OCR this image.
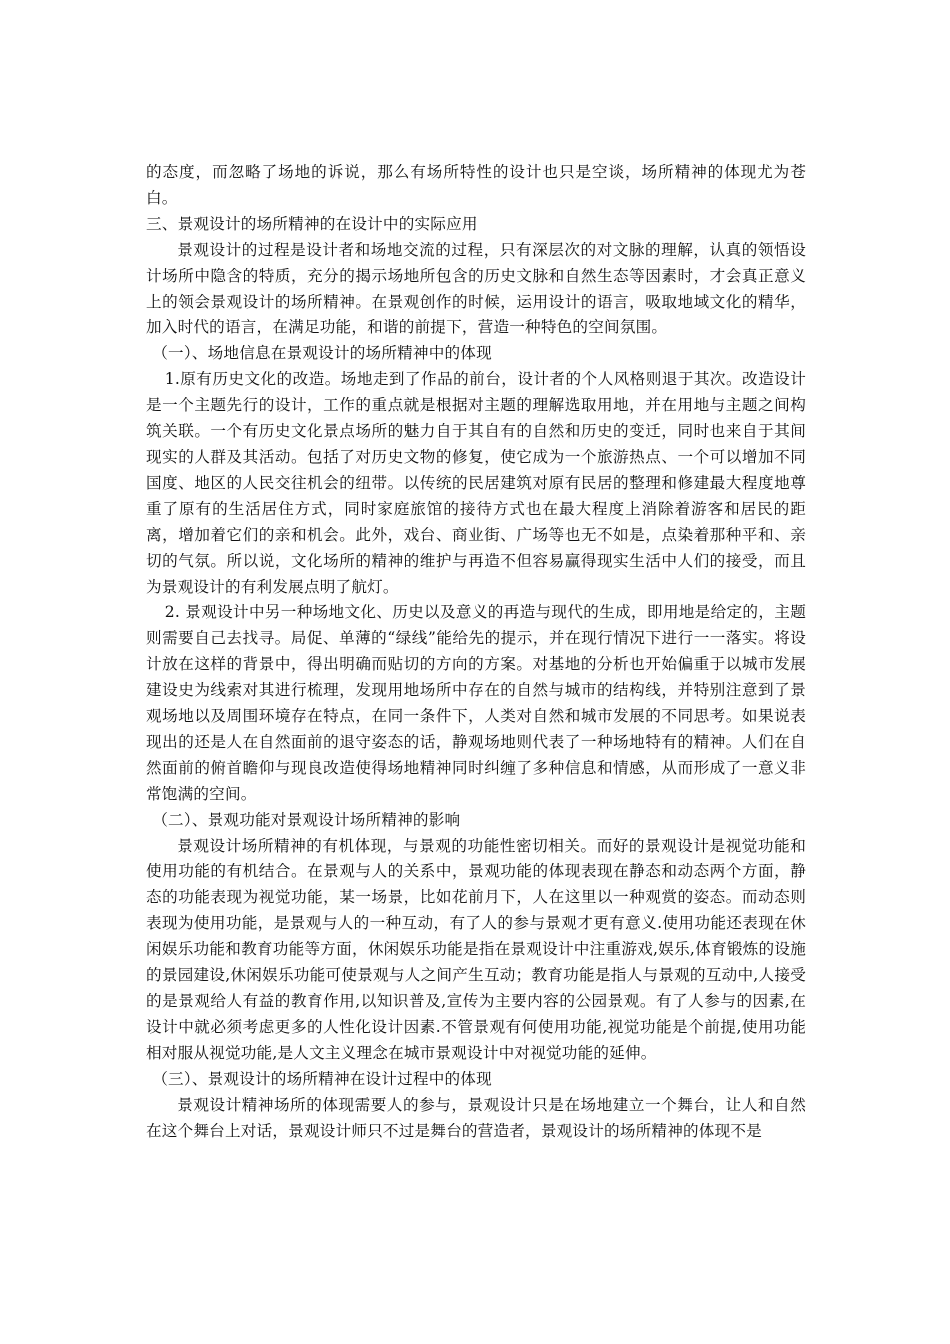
的态度，而忽略了场地的诉说，那么有场所特性的设计也只是空谈，场所精神的体现尤为苍白。

三、景观设计的场所精神的在设计中的实际应用

景观设计的过程是设计者和场地交流的过程，只有深层次的对文脉的理解，认真的领悟设计场所中隐含的特质，充分的揭示场地所包含的历史文脉和自然生态等因素时，才会真正意义上的领会景观设计的场所精神。在景观创作的时候，运用设计的语言，吸取地域文化的精华，加入时代的语言，在满足功能，和谐的前提下，营造一种特色的空间氛围。

（一）、场地信息在景观设计的场所精神中的体现

1.原有历史文化的改造。场地走到了作品的前台，设计者的个人风格则退于其次。改造设计是一个主题先行的设计，工作的重点就是根据对主题的理解选取用地，并在用地与主题之间构筑关联。一个有历史文化景点场所的魅力自于其自有的自然和历史的变迁，同时也来自于其间现实的人群及其活动。包括了对历史文物的修复，使它成为一个旅游热点、一个可以增加不同国度、地区的人民交往机会的纽带。以传统的民居建筑对原有民居的整理和修建最大程度地尊重了原有的生活居住方式，同时家庭旅馆的接待方式也在最大程度上消除着游客和居民的距离，增加着它们的亲和机会。此外，戏台、商业街、广场等也无不如是，点染着那种平和、亲切的气氛。所以说，文化场所的精神的维护与再造不但容易赢得现实生活中人们的接受，而且为景观设计的有利发展点明了航灯。

2. 景观设计中另一种场地文化、历史以及意义的再造与现代的生成，即用地是给定的，主题则需要自己去找寻。局促、单薄的“绿线”能给先的提示，并在现行情况下进行一一落实。将设计放在这样的背景中，得出明确而贴切的方向的方案。对基地的分析也开始偏重于以城市发展建设史为线索对其进行梳理，发现用地场所中存在的自然与城市的结构线，并特别注意到了景观场地以及周围环境存在特点，在同一条件下，人类对自然和城市发展的不同思考。如果说表现出的还是人在自然面前的退守姿态的话，静观场地则代表了一种场地特有的精神。人们在自然面前的俯首瞻仰与现良改造使得场地精神同时纠缠了多种信息和情感，从而形成了一意义非常饱满的空间。

（二）、景观功能对景观设计场所精神的影响

景观设计场所精神的有机体现，与景观的功能性密切相关。而好的景观设计是视觉功能和使用功能的有机结合。在景观与人的关系中，景观功能的体现表现在静态和动态两个方面，静态的功能表现为视觉功能，某一场景，比如花前月下，人在这里以一种观赏的姿态。而动态则表现为使用功能，是景观与人的一种互动，有了人的参与景观才更有意义.使用功能还表现在休闲娱乐功能和教育功能等方面，休闲娱乐功能是指在景观设计中注重游戏,娱乐,体育锻炼的设施的景园建设,休闲娱乐功能可使景观与人之间产生互动；教育功能是指人与景观的互动中,人接受的是景观给人有益的教育作用,以知识普及,宣传为主要内容的公园景观。有了人参与的因素,在设计中就必须考虑更多的人性化设计因素.不管景观有何使用功能,视觉功能是个前提,使用功能相对服从视觉功能,是人文主义理念在城市景观设计中对视觉功能的延伸。

（三）、景观设计的场所精神在设计过程中的体现

景观设计精神场所的体现需要人的参与，景观设计只是在场地建立一个舞台，让人和自然在这个舞台上对话，景观设计师只不过是舞台的营造者，景观设计的场所精神的体现不是
